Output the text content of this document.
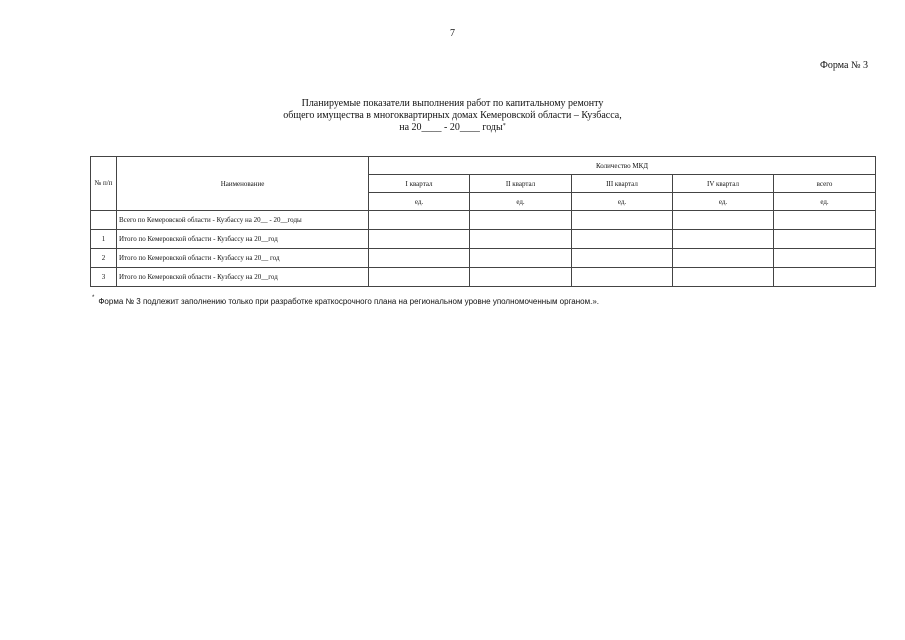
7
Форма № 3
Планируемые показатели выполнения работ по капитальному ремонту
общего имущества в многоквартирных домах Кемеровской области – Кузбасса,
на 20____ - 20____ годы*
№ п/п	Наименование	Количество МКД				
		I квартал	II квартал	III квартал	IV квартал	всего
		ед.	ед.	ед.	ед.	ед.
	Всего по Кемеровской области - Кузбассу на 20__ - 20__годы					
1	Итого по Кемеровской области - Кузбассу на 20__год					
2	Итого по Кемеровской области - Кузбассу на 20__ год					
3	Итого по Кемеровской области - Кузбассу на 20__год					
* Форма № 3 подлежит заполнению только при разработке краткосрочного плана на региональном уровне уполномоченным органом.».
